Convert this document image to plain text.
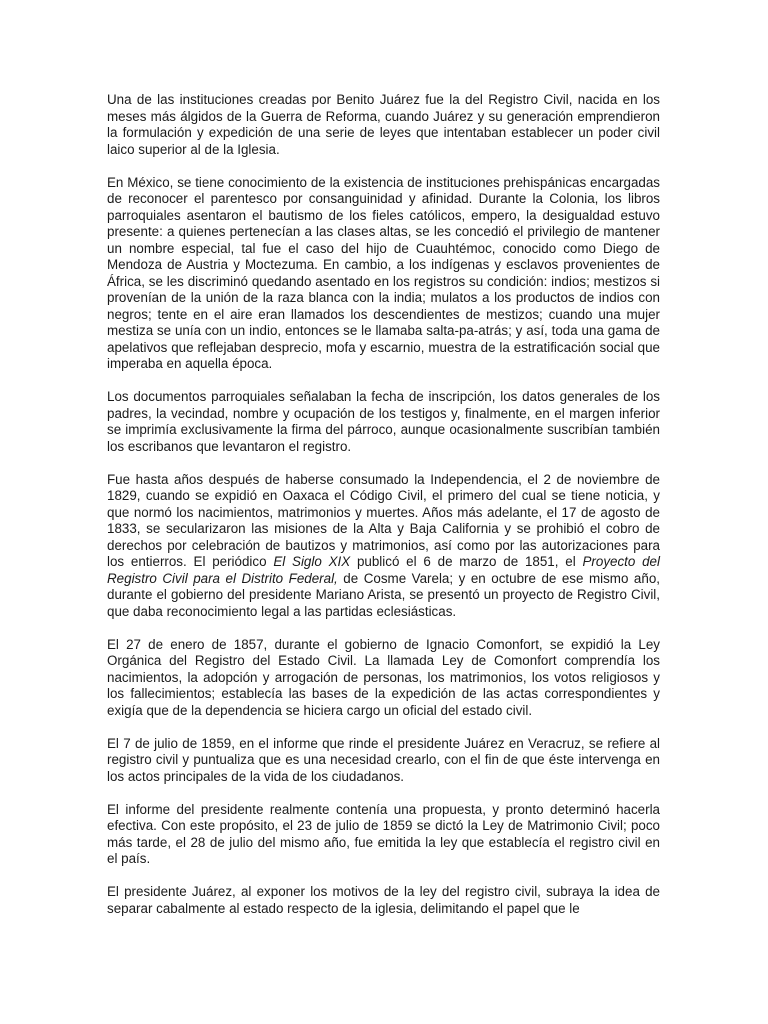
Una de las instituciones creadas por Benito Juárez fue la del Registro Civil, nacida en los meses más álgidos de la Guerra de Reforma, cuando Juárez y su generación emprendieron la formulación y expedición de una serie de leyes que intentaban establecer un poder civil laico superior al de la Iglesia.

En México, se tiene conocimiento de la existencia de instituciones prehispánicas encargadas de reconocer el parentesco por consanguinidad y afinidad. Durante la Colonia, los libros parroquiales asentaron el bautismo de los fieles católicos, empero, la desigualdad estuvo presente: a quienes pertenecían a las clases altas, se les concedió el privilegio de mantener un nombre especial, tal fue el caso del hijo de Cuauhtémoc, conocido como Diego de Mendoza de Austria y Moctezuma. En cambio, a los indígenas y esclavos provenientes de África, se les discriminó quedando asentado en los registros su condición: indios; mestizos si provenían de la unión de la raza blanca con la india; mulatos a los productos de indios con negros; tente en el aire eran llamados los descendientes de mestizos; cuando una mujer mestiza se unía con un indio, entonces se le llamaba salta-pa-atrás; y así, toda una gama de apelativos que reflejaban desprecio, mofa y escarnio, muestra de la estratificación social que imperaba en aquella época.

Los documentos parroquiales señalaban la fecha de inscripción, los datos generales de los padres, la vecindad, nombre y ocupación de los testigos y, finalmente, en el margen inferior se imprimía exclusivamente la firma del párroco, aunque ocasionalmente suscribían también los escribanos que levantaron el registro.

Fue hasta años después de haberse consumado la Independencia, el 2 de noviembre de 1829, cuando se expidió en Oaxaca el Código Civil, el primero del cual se tiene noticia, y que normó los nacimientos, matrimonios y muertes. Años más adelante, el 17 de agosto de 1833, se secularizaron las misiones de la Alta y Baja California y se prohibió el cobro de derechos por celebración de bautizos y matrimonios, así como por las autorizaciones para los entierros. El periódico El Siglo XIX publicó el 6 de marzo de 1851, el Proyecto del Registro Civil para el Distrito Federal, de Cosme Varela; y en octubre de ese mismo año, durante el gobierno del presidente Mariano Arista, se presentó un proyecto de Registro Civil, que daba reconocimiento legal a las partidas eclesiásticas.

El 27 de enero de 1857, durante el gobierno de Ignacio Comonfort, se expidió la Ley Orgánica del Registro del Estado Civil. La llamada Ley de Comonfort comprendía los nacimientos, la adopción y arrogación de personas, los matrimonios, los votos religiosos y los fallecimientos; establecía las bases de la expedición de las actas correspondientes y exigía que de la dependencia se hiciera cargo un oficial del estado civil.

El 7 de julio de 1859, en el informe que rinde el presidente Juárez en Veracruz, se refiere al registro civil y puntualiza que es una necesidad crearlo, con el fin de que éste intervenga en los actos principales de la vida de los ciudadanos.

El informe del presidente realmente contenía una propuesta, y pronto determinó hacerla efectiva. Con este propósito, el 23 de julio de 1859 se dictó la Ley de Matrimonio Civil; poco más tarde, el 28 de julio del mismo año, fue emitida la ley que establecía el registro civil en el país.

El presidente Juárez, al exponer los motivos de la ley del registro civil, subraya la idea de separar cabalmente al estado respecto de la iglesia, delimitando el papel que le
